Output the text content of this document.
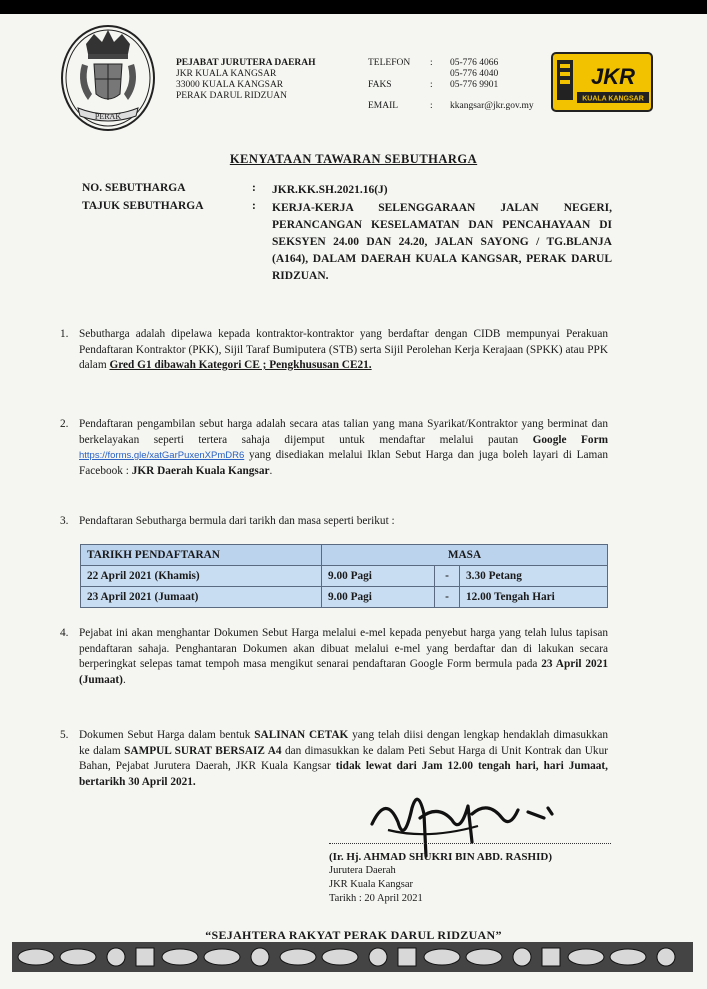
PERAK
PEJABAT JURUTERA DAERAH
JKR KUALA KANGSAR
33000 KUALA KANGSAR
PERAK DARUL RIDZUAN
TELEFON	:	05-776 4066
05-776 4040
FAKS	:	05-776 9901
EMAIL	:	kkangsar@jkr.gov.my
JKR
KUALA KANGSAR
KENYATAAN TAWARAN SEBUTHARGA
NO. SEBUTHARGA	:	JKR.KK.SH.2021.16(J)
TAJUK SEBUTHARGA	:	KERJA-KERJA SELENGGARAAN JALAN NEGERI, PERANCANGAN KESELAMATAN DAN PENCAHAYAAN DI SEKSYEN 24.00 DAN 24.20, JALAN SAYONG / TG.BLANJA (A164), DALAM DAERAH KUALA KANGSAR, PERAK DARUL RIDZUAN.
1. Sebutharga adalah dipelawa kepada kontraktor-kontraktor yang berdaftar dengan CIDB mempunyai Perakuan Pendaftaran Kontraktor (PKK), Sijil Taraf Bumiputera (STB) serta Sijil Perolehan Kerja Kerajaan (SPKK) atau PPK dalam Gred G1 dibawah Kategori CE ; Pengkhususan CE21.
2. Pendaftaran pengambilan sebut harga adalah secara atas talian yang mana Syarikat/Kontraktor yang berminat dan berkelayakan seperti tertera sahaja dijemput untuk mendaftar melalui pautan Google Form https://forms.gle/xatGarPuxenXPmDR6 yang disediakan melalui Iklan Sebut Harga dan juga boleh layari di Laman Facebook : JKR Daerah Kuala Kangsar.
3. Pendaftaran Sebutharga bermula dari tarikh dan masa seperti berikut :
TARIKH PENDAFTARAN	MASA		
22 April 2021 (Khamis)	9.00 Pagi	-	3.30 Petang
23 April 2021 (Jumaat)	9.00 Pagi	-	12.00 Tengah Hari
4. Pejabat ini akan menghantar Dokumen Sebut Harga melalui e-mel kepada penyebut harga yang telah lulus tapisan pendaftaran sahaja. Penghantaran Dokumen akan dibuat melalui e-mel yang berdaftar dan di lakukan secara berperingkat selepas tamat tempoh masa mengikut senarai pendaftaran Google Form bermula pada 23 April 2021 (Jumaat).
5. Dokumen Sebut Harga dalam bentuk SALINAN CETAK yang telah diisi dengan lengkap hendaklah dimasukkan ke dalam SAMPUL SURAT BERSAIZ A4 dan dimasukkan ke dalam Peti Sebut Harga di Unit Kontrak dan Ukur Bahan, Pejabat Jurutera Daerah, JKR Kuala Kangsar tidak lewat dari Jam 12.00 tengah hari, hari Jumaat, bertarikh 30 April 2021.
(Ir. Hj. AHMAD SHUKRI BIN ABD. RASHID)
Jurutera Daerah
JKR Kuala Kangsar
Tarikh : 20 April 2021
“SEJAHTERA RAKYAT PERAK DARUL RIDZUAN”
